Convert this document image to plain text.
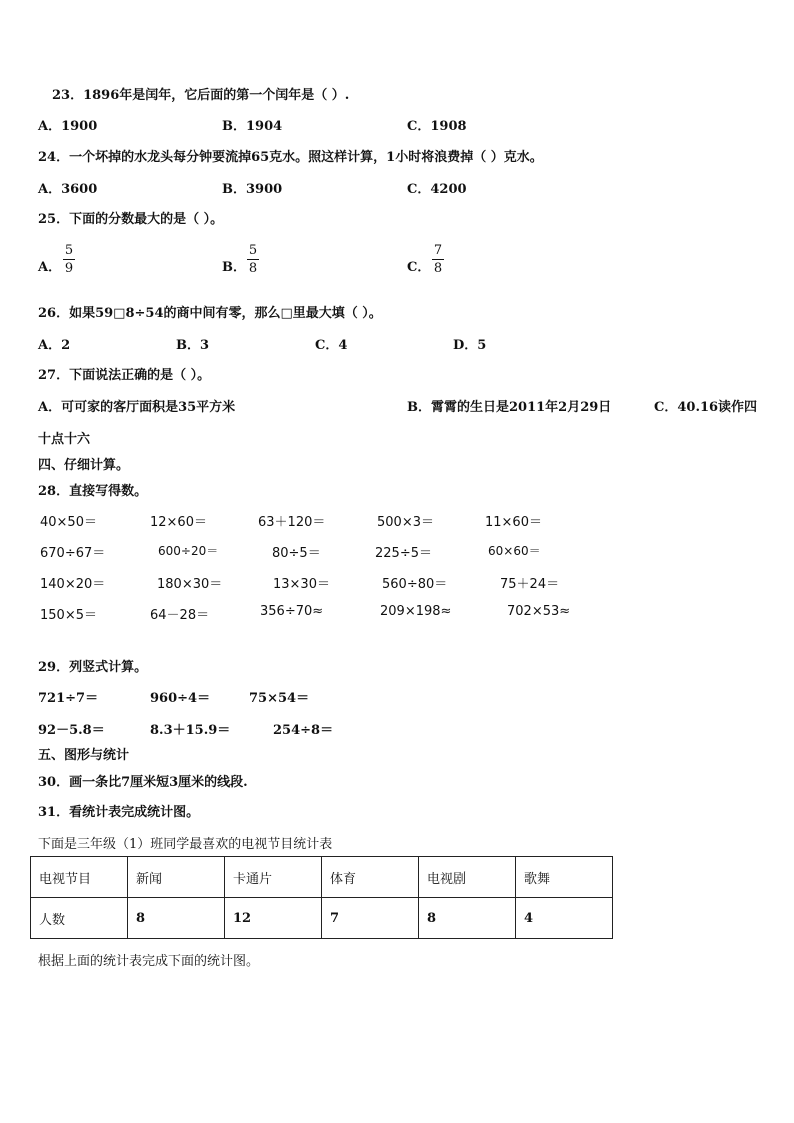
23．1896年是闰年，它后面的第一个闰年是（ ）.
A．1900	B．1904	C．1908
24．一个坏掉的水龙头每分钟要流掉65克水。照这样计算，1小时将浪费掉（ ）克水。
A．3600	B．3900	C．4200
25．下面的分数最大的是（ ）。
A． $\frac{5}{9}$	B． $\frac{5}{8}$	C． $\frac{7}{8}$
26．如果59□8÷54的商中间有零，那么□里最大填（ ）。
A．2	B．3	C．4	D．5
27．下面说法正确的是（ ）。
A．可可家的客厅面积是35平方米	B．霄霄的生日是2011年2月29日	C．40.16读作四
十点十六
四、仔细计算。
28．直接写得数。
40×50＝	12×60＝	63＋120＝	500×3＝	11×60＝
670÷67＝	600÷20＝	80÷5＝	225÷5＝	60×60＝
140×20＝	180×30＝	13×30＝	560÷80＝	75＋24＝
150×5＝	64－28＝	356÷70≈	209×198≈	702×53≈
29．列竖式计算。
721÷7＝	960÷4＝	75×54＝
92－5.8＝	8.3＋15.9＝	254÷8＝
五、图形与统计
30．画一条比7厘米短3厘米的线段.
31．看统计表完成统计图。
下面是三年级（1）班同学最喜欢的电视节目统计表
电视节目	新闻	卡通片	体育	电视剧	歌舞
人数	8	12	7	8	4
根据上面的统计表完成下面的统计图。
